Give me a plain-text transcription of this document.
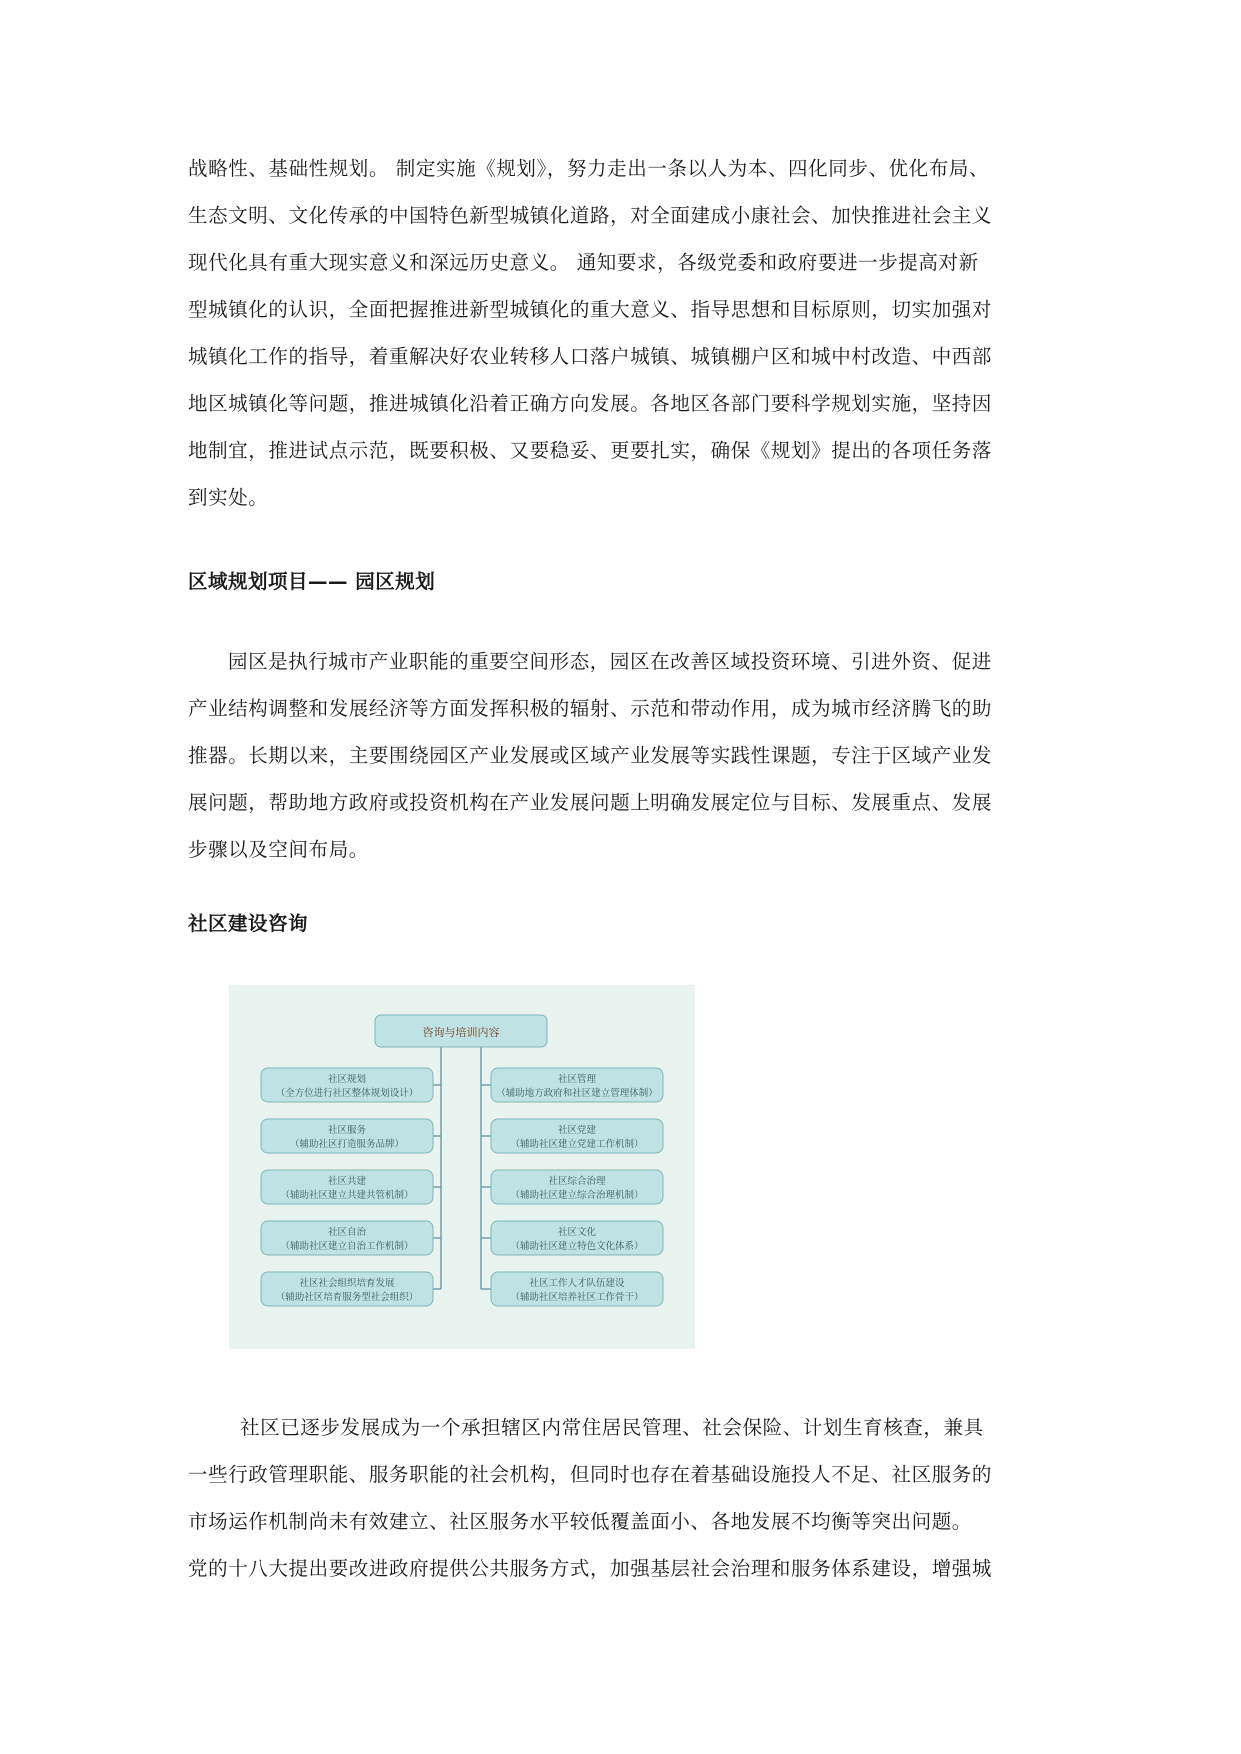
战略性、基础性规划。 制定实施《规划》，努力走出一条以人为本、四化同步、优化布局、
生态文明、文化传承的中国特色新型城镇化道路，对全面建成小康社会、加快推进社会主义
现代化具有重大现实意义和深远历史意义。 通知要求，各级党委和政府要进一步提高对新
型城镇化的认识，全面把握推进新型城镇化的重大意义、指导思想和目标原则，切实加强对
城镇化工作的指导，着重解决好农业转移人口落户城镇、城镇棚户区和城中村改造、中西部
地区城镇化等问题，推进城镇化沿着正确方向发展。各地区各部门要科学规划实施，坚持因
地制宜，推进试点示范，既要积极、又要稳妥、更要扎实，确保《规划》提出的各项任务落
到实处。
区域规划项目—— 园区规划
园区是执行城市产业职能的重要空间形态，园区在改善区域投资环境、引进外资、促进
产业结构调整和发展经济等方面发挥积极的辐射、示范和带动作用，成为城市经济腾飞的助
推器。长期以来，主要围绕园区产业发展或区域产业发展等实践性课题，专注于区域产业发
展问题，帮助地方政府或投资机构在产业发展问题上明确发展定位与目标、发展重点、发展
步骤以及空间布局。
社区建设咨询
咨询与培训内容
社区规划
（全方位进行社区整体规划设计）
社区服务
（辅助社区打造服务品牌）
社区共建
（辅助社区建立共建共管机制）
社区自治
（辅助社区建立自治工作机制）
社区社会组织培育发展
（辅助社区培育服务型社会组织）
社区管理
（辅助地方政府和社区建立管理体制）
社区党建
（辅助社区建立党建工作机制）
社区综合治理
（辅助社区建立综合治理机制）
社区文化
（辅助社区建立特色文化体系）
社区工作人才队伍建设
（辅助社区培养社区工作骨干）
社区已逐步发展成为一个承担辖区内常住居民管理、社会保险、计划生育核查，兼具
一些行政管理职能、服务职能的社会机构，但同时也存在着基础设施投人不足、社区服务的
市场运作机制尚未有效建立、社区服务水平较低覆盖面小、各地发展不均衡等突出问题。
党的十八大提出要改进政府提供公共服务方式，加强基层社会治理和服务体系建设，增强城
